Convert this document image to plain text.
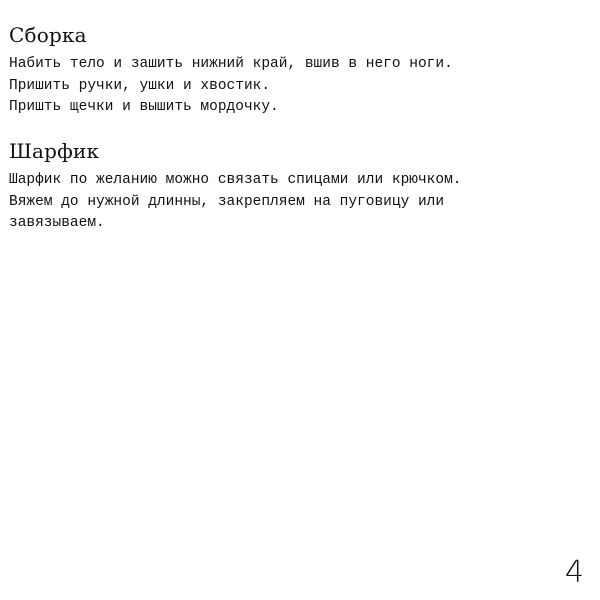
Сборка

Набить тело и зашить нижний край, вшив в него ноги.

Пришить ручки, ушки и хвостик.

Пришть щечки и вышить мордочку.

Шарфик

Шарфик по желанию можно связать спицами или крючком.

Вяжем до нужной длинны, закрепляем на пуговицу или

завязываем.

4
